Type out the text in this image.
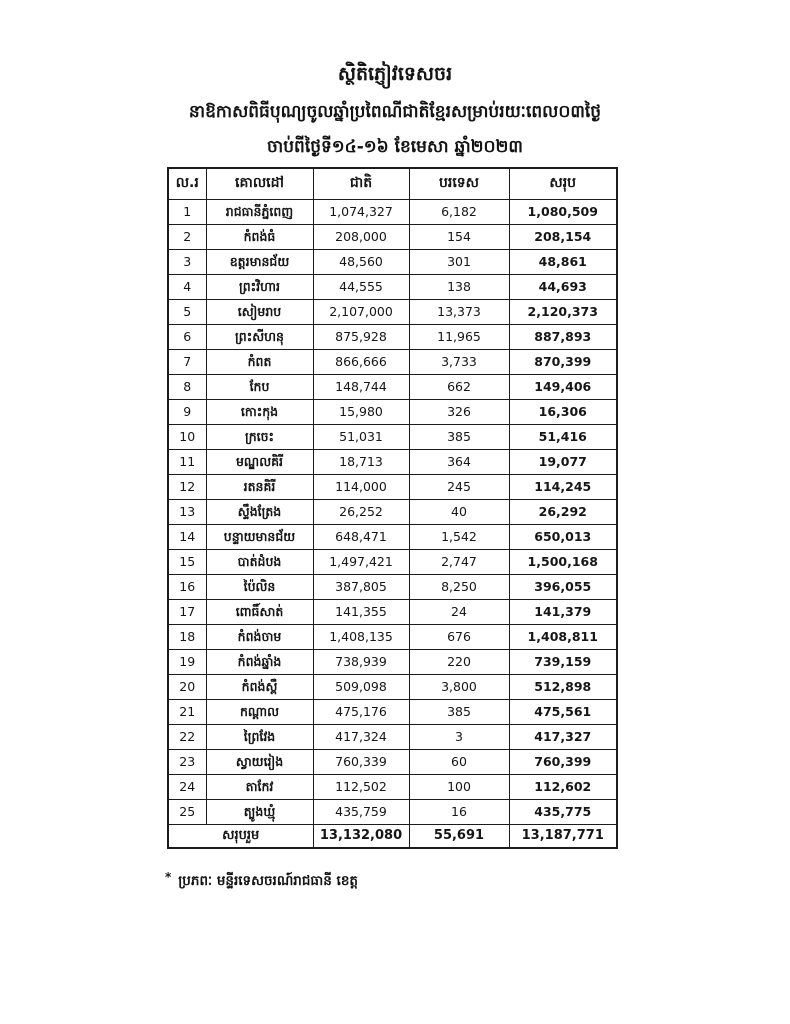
ស្ថិតិភ្ញៀវទេសចរ
នាឱកាសពិធីបុណ្យចូលឆ្នាំប្រពៃណីជាតិខ្មែរសម្រាប់រយៈពេល០៣ថ្ងៃ
ចាប់ពីថ្ងៃទី១៤-១៦ ខែមេសា ឆ្នាំ២០២៣
ល.រ	គោលដៅ	ជាតិ	បរទេស	សរុប
1	រាជធានីភ្នំពេញ	1,074,327	6,182	1,080,509
2	កំពង់ធំ	208,000	154	208,154
3	ឧត្តរមានជ័យ	48,560	301	48,861
4	ព្រះវិហារ	44,555	138	44,693
5	សៀមរាប	2,107,000	13,373	2,120,373
6	ព្រះសីហនុ	875,928	11,965	887,893
7	កំពត	866,666	3,733	870,399
8	កែប	148,744	662	149,406
9	កោះកុង	15,980	326	16,306
10	ក្រចេះ	51,031	385	51,416
11	មណ្ឌលគិរី	18,713	364	19,077
12	រតនគិរី	114,000	245	114,245
13	ស្ទឹងត្រែង	26,252	40	26,292
14	បន្ទាយមានជ័យ	648,471	1,542	650,013
15	បាត់ដំបង	1,497,421	2,747	1,500,168
16	ប៉ៃលិន	387,805	8,250	396,055
17	ពោធិ៍សាត់	141,355	24	141,379
18	កំពង់ចាម	1,408,135	676	1,408,811
19	កំពង់ឆ្នាំង	738,939	220	739,159
20	កំពង់ស្ពឺ	509,098	3,800	512,898
21	កណ្តាល	475,176	385	475,561
22	ព្រៃវែង	417,324	3	417,327
23	ស្វាយរៀង	760,339	60	760,399
24	តាកែវ	112,502	100	112,602
25	ត្បូងឃ្មុំ	435,759	16	435,775
សរុបរួម		13,132,080	55,691	13,187,771
* ប្រភពៈ មន្ទីរទេសចរណ៍រាជធានី ខេត្ត
